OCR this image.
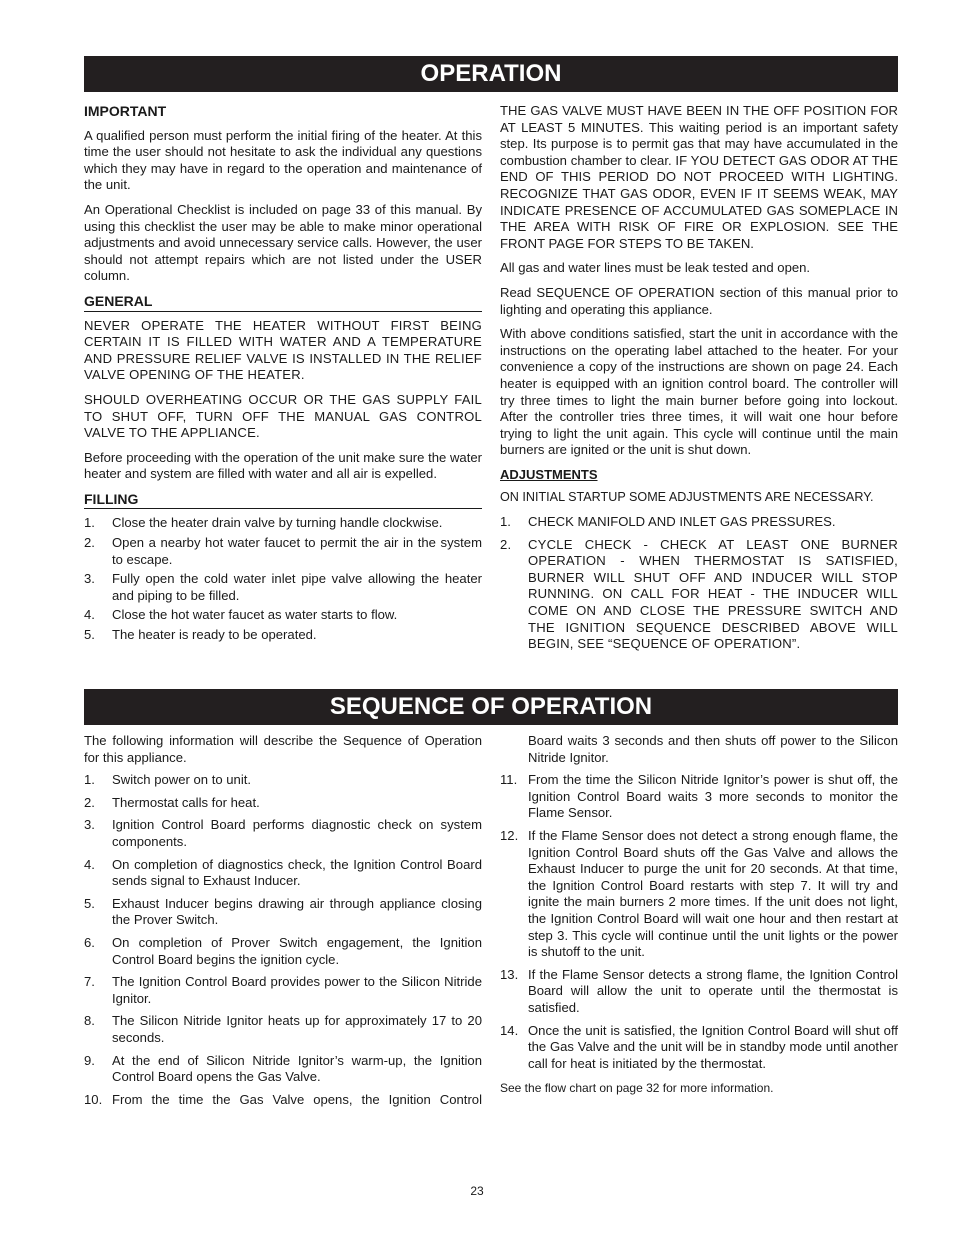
OPERATION
IMPORTANT

A qualified person must perform the initial firing of the heater. At this time the user should not hesitate to ask the individual any questions which they may have in regard to the operation and maintenance of the unit.

An Operational Checklist is included on page 33 of this manual. By using this checklist the user may be able to make minor operational adjustments and avoid unnecessary service calls. However, the user should not attempt repairs which are not listed under the USER column.

GENERAL

NEVER OPERATE THE HEATER WITHOUT FIRST BEING CERTAIN IT IS FILLED WITH WATER AND A TEMPERATURE AND PRESSURE RELIEF VALVE IS INSTALLED IN THE RELIEF VALVE OPENING OF THE HEATER.

SHOULD OVERHEATING OCCUR OR THE GAS SUPPLY FAIL TO SHUT OFF, TURN OFF THE MANUAL GAS CONTROL VALVE TO THE APPLIANCE.

Before proceeding with the operation of the unit make sure the water heater and system are filled with water and all air is expelled.

FILLING
1. Close the heater drain valve by turning handle clockwise.
2. Open a nearby hot water faucet to permit the air in the system to escape.
3. Fully open the cold water inlet pipe valve allowing the heater and piping to be filled.
4. Close the hot water faucet as water starts to flow.
5. The heater is ready to be operated.

THE GAS VALVE MUST HAVE BEEN IN THE OFF POSITION FOR AT LEAST 5 MINUTES. This waiting period is an important safety step. Its purpose is to permit gas that may have accumulated in the combustion chamber to clear. IF YOU DETECT GAS ODOR AT THE END OF THIS PERIOD DO NOT PROCEED WITH LIGHTING. RECOGNIZE THAT GAS ODOR, EVEN IF IT SEEMS WEAK, MAY INDICATE PRESENCE OF ACCUMULATED GAS SOMEPLACE IN THE AREA WITH RISK OF FIRE OR EXPLOSION. SEE THE FRONT PAGE FOR STEPS TO BE TAKEN.

All gas and water lines must be leak tested and open.

Read SEQUENCE OF OPERATION section of this manual prior to lighting and operating this appliance.

With above conditions satisfied, start the unit in accordance with the instructions on the operating label attached to the heater. For your convenience a copy of the instructions are shown on page 24. Each heater is equipped with an ignition control board. The controller will try three times to light the main burner before going into lockout. After the controller tries three times, it will wait one hour before trying to light the unit again. This cycle will continue until the main burners are ignited or the unit is shut down.

ADJUSTMENTS

ON INITIAL STARTUP SOME ADJUSTMENTS ARE NECESSARY.

1. CHECK MANIFOLD AND INLET GAS PRESSURES.
2. CYCLE CHECK - CHECK AT LEAST ONE BURNER OPERATION - WHEN THERMOSTAT IS SATISFIED, BURNER WILL SHUT OFF AND INDUCER WILL STOP RUNNING. ON CALL FOR HEAT - THE INDUCER WILL COME ON AND CLOSE THE PRESSURE SWITCH AND THE IGNITION SEQUENCE DESCRIBED ABOVE WILL BEGIN, SEE “SEQUENCE OF OPERATION”.
SEQUENCE OF OPERATION

The following information will describe the Sequence of Operation for this appliance.

1. Switch power on to unit.
2. Thermostat calls for heat.
3. Ignition Control Board performs diagnostic check on system components.
4. On completion of diagnostics check, the Ignition Control Board sends signal to Exhaust Inducer.
5. Exhaust Inducer begins drawing air through appliance closing the Prover Switch.
6. On completion of Prover Switch engagement, the Ignition Control Board begins the ignition cycle.
7. The Ignition Control Board provides power to the Silicon Nitride Ignitor.
8. The Silicon Nitride Ignitor heats up for approximately 17 to 20 seconds.
9. At the end of Silicon Nitride Ignitor’s warm-up, the Ignition Control Board opens the Gas Valve.
10. From the time the Gas Valve opens, the Ignition Control

Board waits 3 seconds and then shuts off power to the Silicon Nitride Ignitor.

11. From the time the Silicon Nitride Ignitor’s power is shut off, the Ignition Control Board waits 3 more seconds to monitor the Flame Sensor.
12. If the Flame Sensor does not detect a strong enough flame, the Ignition Control Board shuts off the Gas Valve and allows the Exhaust Inducer to purge the unit for 20 seconds. At that time, the Ignition Control Board restarts with step 7. It will try and ignite the main burners 2 more times. If the unit does not light, the Ignition Control Board will wait one hour and then restart at step 3. This cycle will continue until the unit lights or the power is shutoff to the unit.
13. If the Flame Sensor detects a strong flame, the Ignition Control Board will allow the unit to operate until the thermostat is satisfied.
14. Once the unit is satisfied, the Ignition Control Board will shut off the Gas Valve and the unit will be in standby mode until another call for heat is initiated by the thermostat.

See the flow chart on page 32 for more information.

23
